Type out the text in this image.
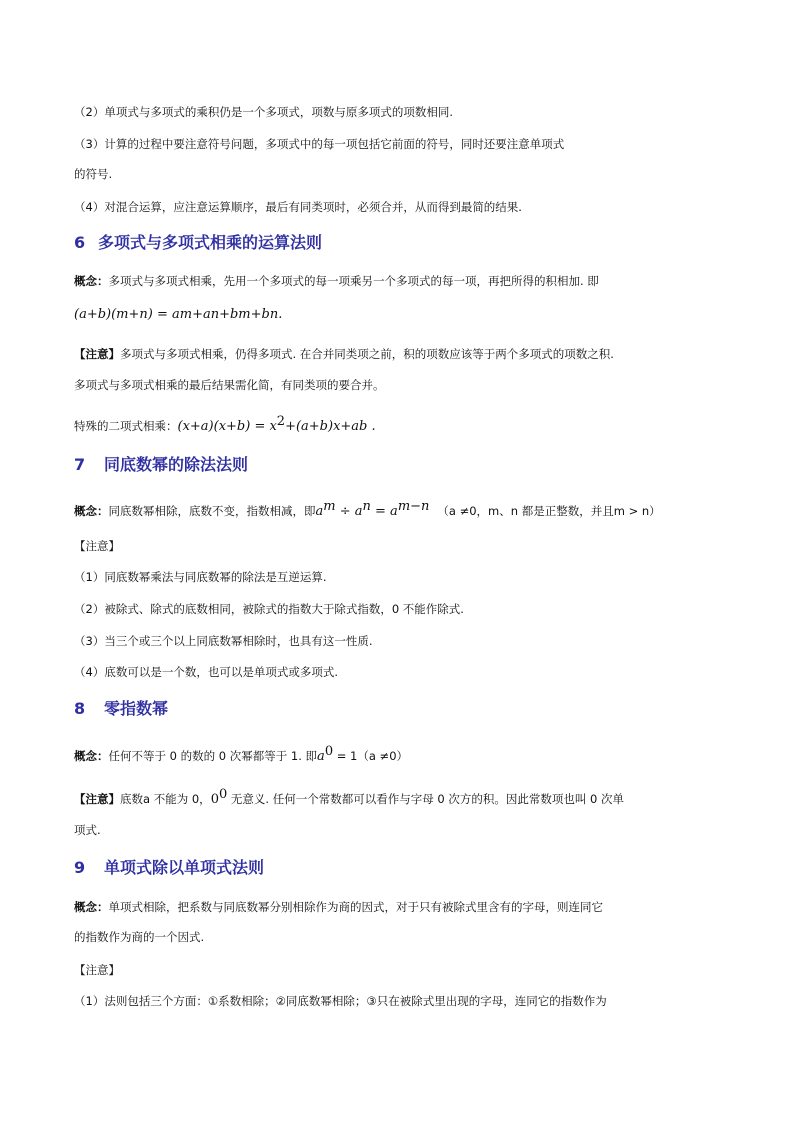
（2）单项式与多项式的乘积仍是一个多项式，项数与原多项式的项数相同.
（3）计算的过程中要注意符号问题，多项式中的每一项包括它前面的符号，同时还要注意单项式
的符号.
（4）对混合运算，应注意运算顺序，最后有同类项时，必须合并，从而得到最简的结果.
6 多项式与多项式相乘的运算法则
概念：多项式与多项式相乘，先用一个多项式的每一项乘另一个多项式的每一项，再把所得的积相加. 即
(a+b)(m+n) = am+an+bm+bn.
【注意】多项式与多项式相乘，仍得多项式. 在合并同类项之前，积的项数应该等于两个多项式的项数之积.
多项式与多项式相乘的最后结果需化简，有同类项的要合并。
特殊的二项式相乘：$(x+a)(x+b) = x^2+(a+b)x+ab$ .
7 同底数幂的除法法则
概念：同底数幂相除，底数不变，指数相减，即$a^m \div a^n = a^{m-n}$ （a ≠0，m、n 都是正整数，并且m > n）
【注意】
（1）同底数幂乘法与同底数幂的除法是互逆运算.
（2）被除式、除式的底数相同，被除式的指数大于除式指数，0 不能作除式.
（3）当三个或三个以上同底数幂相除时，也具有这一性质.
（4）底数可以是一个数，也可以是单项式或多项式.
8 零指数幂
概念：任何不等于 0 的数的 0 次幂都等于 1. 即$a^0 = 1(a \ne 0)$
【注意】底数a 不能为 0，$0^0$ 无意义. 任何一个常数都可以看作与字母 0 次方的积。因此常数项也叫 0 次单
项式.
9 单项式除以单项式法则
概念：单项式相除，把系数与同底数幂分别相除作为商的因式，对于只有被除式里含有的字母，则连同它
的指数作为商的一个因式.
【注意】
（1）法则包括三个方面：①系数相除；②同底数幂相除；③只在被除式里出现的字母，连同它的指数作为
